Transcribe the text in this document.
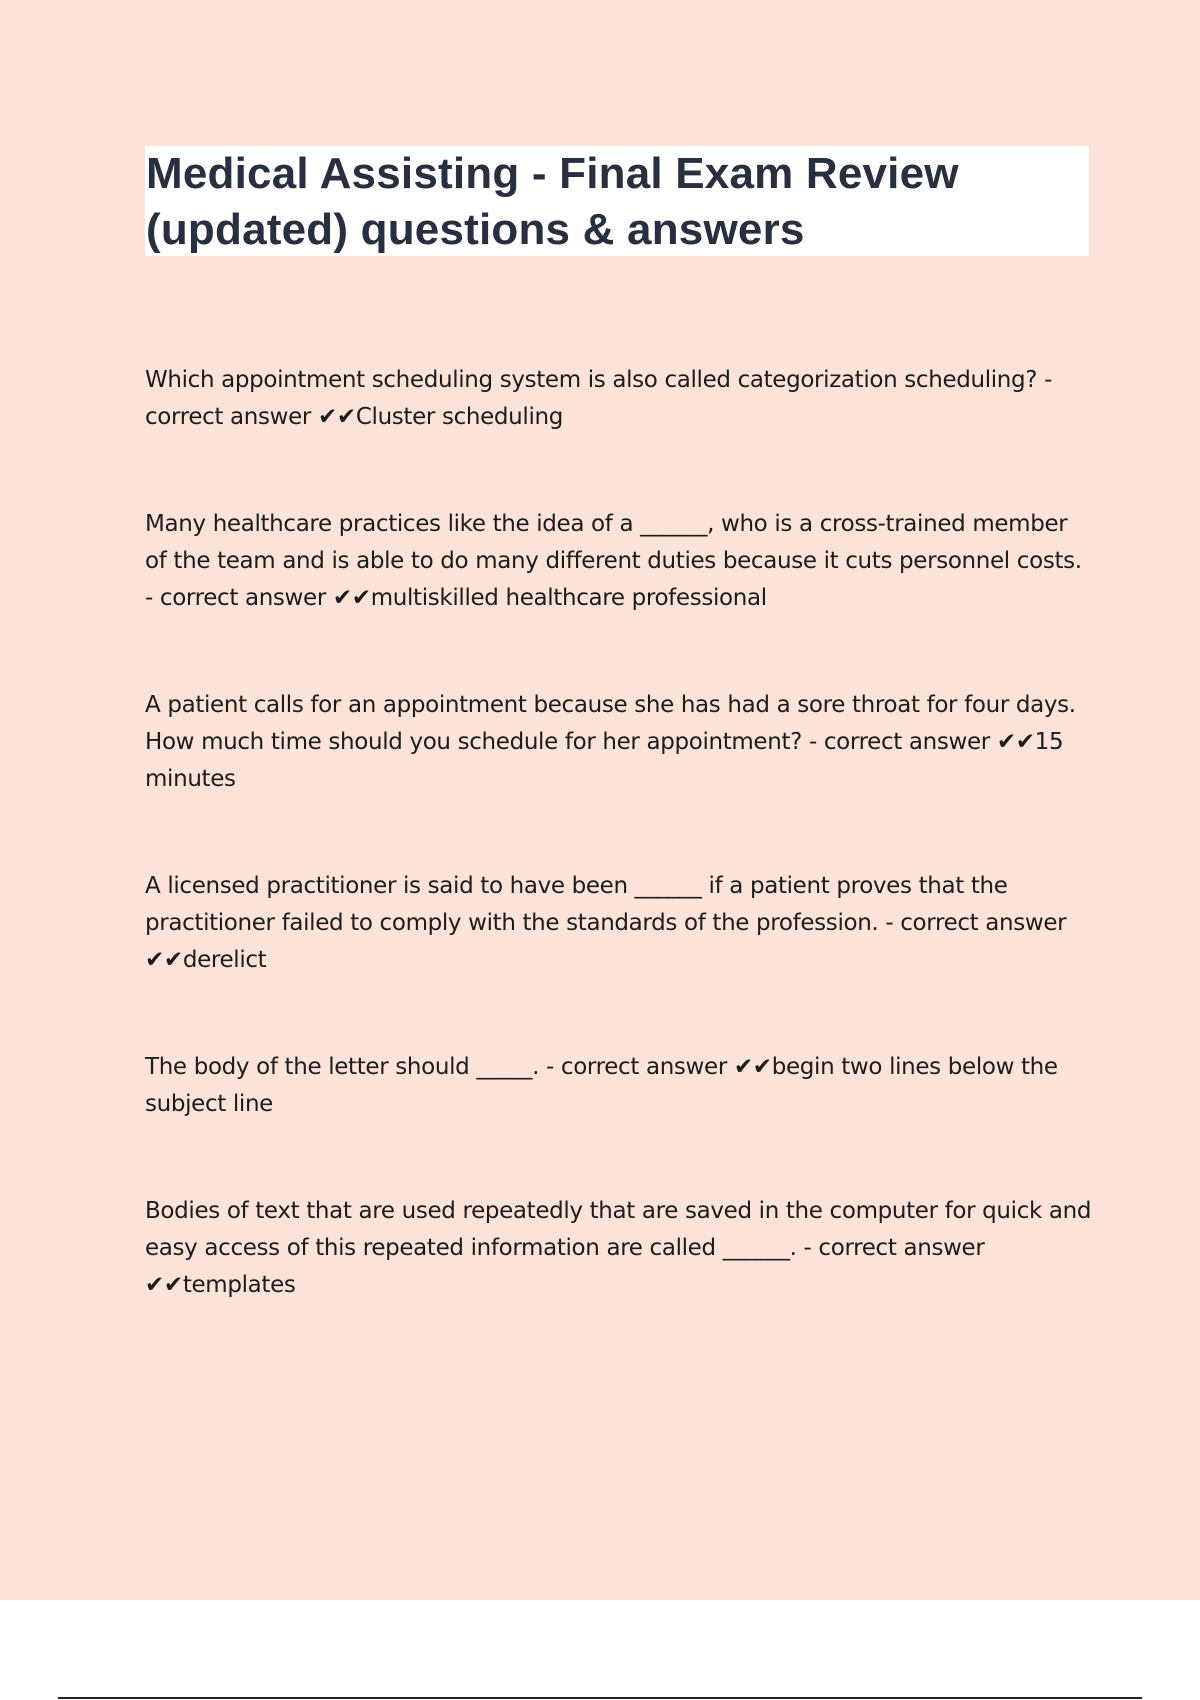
Medical Assisting - Final Exam Review (updated) questions & answers

Which appointment scheduling system is also called categorization scheduling? - correct answer ✔✔Cluster scheduling

Many healthcare practices like the idea of a ______, who is a cross-trained member of the team and is able to do many different duties because it cuts personnel costs. - correct answer ✔✔multiskilled healthcare professional

A patient calls for an appointment because she has had a sore throat for four days. How much time should you schedule for her appointment? - correct answer ✔✔15 minutes

A licensed practitioner is said to have been ______ if a patient proves that the practitioner failed to comply with the standards of the profession. - correct answer ✔✔derelict

The body of the letter should _____. - correct answer ✔✔begin two lines below the subject line

Bodies of text that are used repeatedly that are saved in the computer for quick and easy access of this repeated information are called ______. - correct answer ✔✔templates
